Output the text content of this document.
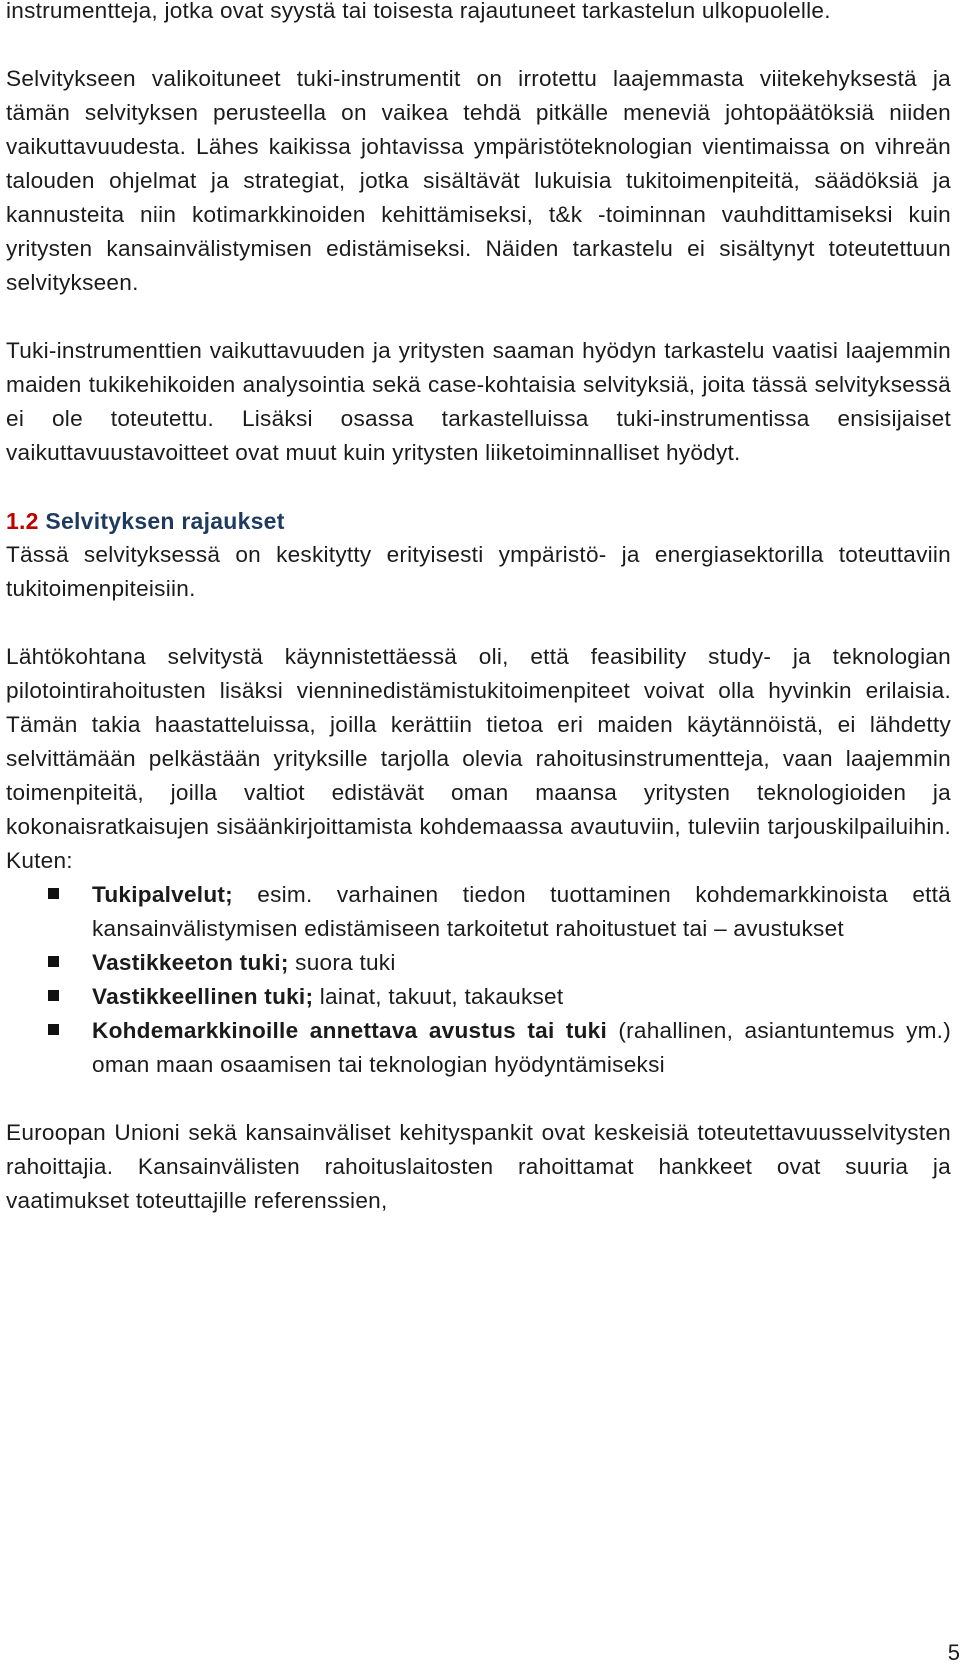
instrumentteja, jotka ovat syystä tai toisesta rajautuneet tarkastelun ulkopuolelle.

Selvitykseen valikoituneet tuki-instrumentit on irrotettu laajemmasta viitekehyksestä ja tämän selvityksen perusteella on vaikea tehdä pitkälle meneviä johtopäätöksiä niiden vaikuttavuudesta. Lähes kaikissa johtavissa ympäristöteknologian vientimaissa on vihreän talouden ohjelmat ja strategiat, jotka sisältävät lukuisia tukitoimenpiteitä, säädöksiä ja kannusteita niin kotimarkkinoiden kehittämiseksi, t&k -toiminnan vauhdittamiseksi kuin yritysten kansainvälistymisen edistämiseksi. Näiden tarkastelu ei sisältynyt toteutettuun selvitykseen.

Tuki-instrumenttien vaikuttavuuden ja yritysten saaman hyödyn tarkastelu vaatisi laajemmin maiden tukikehikoiden analysointia sekä case-kohtaisia selvityksiä, joita tässä selvityksessä ei ole toteutettu. Lisäksi osassa tarkastelluissa tuki-instrumentissa ensisijaiset vaikuttavuustavoitteet ovat muut kuin yritysten liiketoiminnalliset hyödyt.

1.2 Selvityksen rajaukset

Tässä selvityksessä on keskitytty erityisesti ympäristö- ja energiasektorilla toteuttaviin tukitoimenpiteisiin.

Lähtökohtana selvitystä käynnistettäessä oli, että feasibility study- ja teknologian pilotointirahoitusten lisäksi vienninedistämistukitoimenpiteet voivat olla hyvinkin erilaisia. Tämän takia haastatteluissa, joilla kerättiin tietoa eri maiden käytännöistä, ei lähdetty selvittämään pelkästään yrityksille tarjolla olevia rahoitusinstrumentteja, vaan laajemmin toimenpiteitä, joilla valtiot edistävät oman maansa yritysten teknologioiden ja kokonaisratkaisujen sisäänkirjoittamista kohdemaassa avautuviin, tuleviin tarjouskilpailuihin. Kuten:

Tukipalvelut; esim. varhainen tiedon tuottaminen kohdemarkkinoista että kansainvälistymisen edistämiseen tarkoitetut rahoitustuet tai – avustukset
Vastikkeeton tuki; suora tuki
Vastikkeellinen tuki; lainat, takuut, takaukset
Kohdemarkkinoille annettava avustus tai tuki (rahallinen, asiantuntemus ym.) oman maan osaamisen tai teknologian hyödyntämiseksi

Euroopan Unioni sekä kansainväliset kehityspankit ovat keskeisiä toteutettavuusselvitysten rahoittajia. Kansainvälisten rahoituslaitosten rahoittamat hankkeet ovat suuria ja vaatimukset toteuttajille referenssien,

5
